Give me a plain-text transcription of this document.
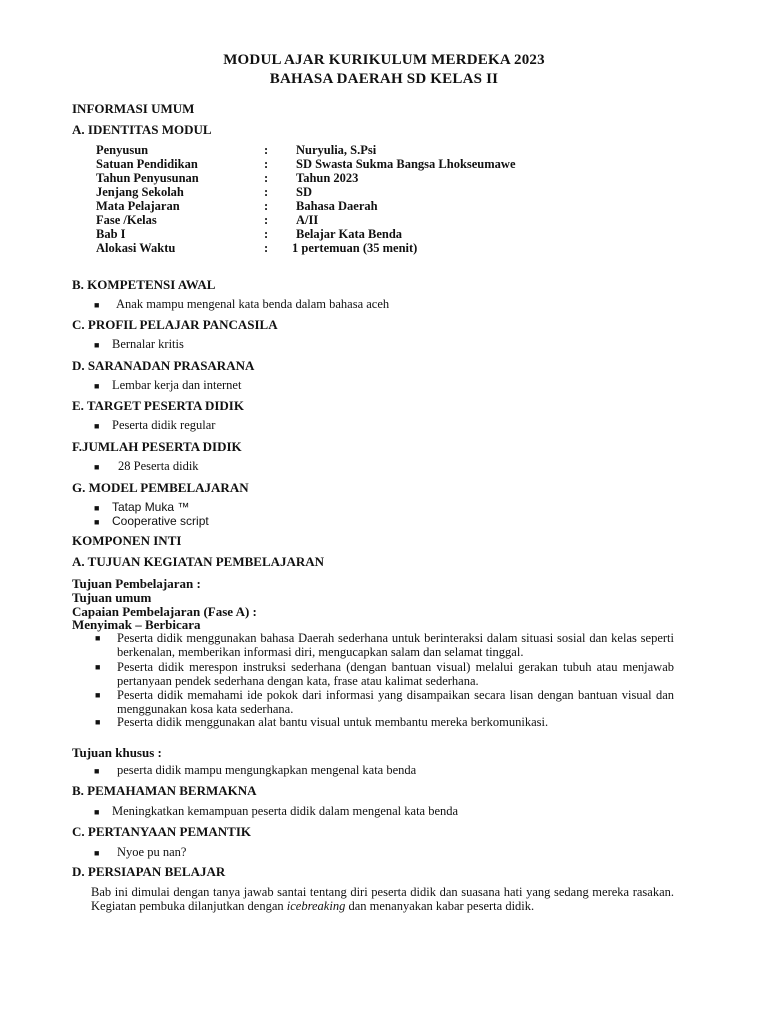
MODUL AJAR KURIKULUM MERDEKA 2023
BAHASA DAERAH SD KELAS II
INFORMASI UMUM
A. IDENTITAS MODUL
Penyusun	: Nuryulia, S.Psi
Satuan Pendidikan	: SD Swasta Sukma Bangsa Lhokseumawe
Tahun Penyusunan	: Tahun 2023
Jenjang Sekolah	: SD
Mata Pelajaran	: Bahasa Daerah
Fase /Kelas	: A/II
Bab I	: Belajar Kata Benda
Alokasi Waktu	: 1 pertemuan (35 menit)
B. KOMPETENSI AWAL
■ Anak mampu mengenal kata benda dalam bahasa aceh
C. PROFIL PELAJAR PANCASILA
■ Bernalar kritis
D. SARANADAN PRASARANA
■ Lembar kerja dan internet
E. TARGET PESERTA DIDIK
■ Peserta didik regular
F.JUMLAH PESERTA DIDIK
■ 28 Peserta didik
G. MODEL PEMBELAJARAN
■ Tatap Muka ™
■ Cooperative script
KOMPONEN INTI
A. TUJUAN KEGIATAN PEMBELAJARAN
Tujuan Pembelajaran :
Tujuan umum
Capaian Pembelajaran (Fase A) :
Menyimak – Berbicara
■ Peserta didik menggunakan bahasa Daerah sederhana untuk berinteraksi dalam situasi sosial dan kelas seperti berkenalan, memberikan informasi diri, mengucapkan salam dan selamat tinggal.
■ Peserta didik merespon instruksi sederhana (dengan bantuan visual) melalui gerakan tubuh atau menjawab pertanyaan pendek sederhana dengan kata, frase atau kalimat sederhana.
■ Peserta didik memahami ide pokok dari informasi yang disampaikan secara lisan dengan bantuan visual dan menggunakan kosa kata sederhana.
■ Peserta didik menggunakan alat bantu visual untuk membantu mereka berkomunikasi.
Tujuan khusus :
■ peserta didik mampu mengungkapkan mengenal kata benda
B. PEMAHAMAN BERMAKNA
■ Meningkatkan kemampuan peserta didik dalam mengenal kata benda
C. PERTANYAAN PEMANTIK
■ Nyoe pu nan?
D. PERSIAPAN BELAJAR
Bab ini dimulai dengan tanya jawab santai tentang diri peserta didik dan suasana hati yang sedang mereka rasakan. Kegiatan pembuka dilanjutkan dengan icebreaking dan menanyakan kabar peserta didik.
